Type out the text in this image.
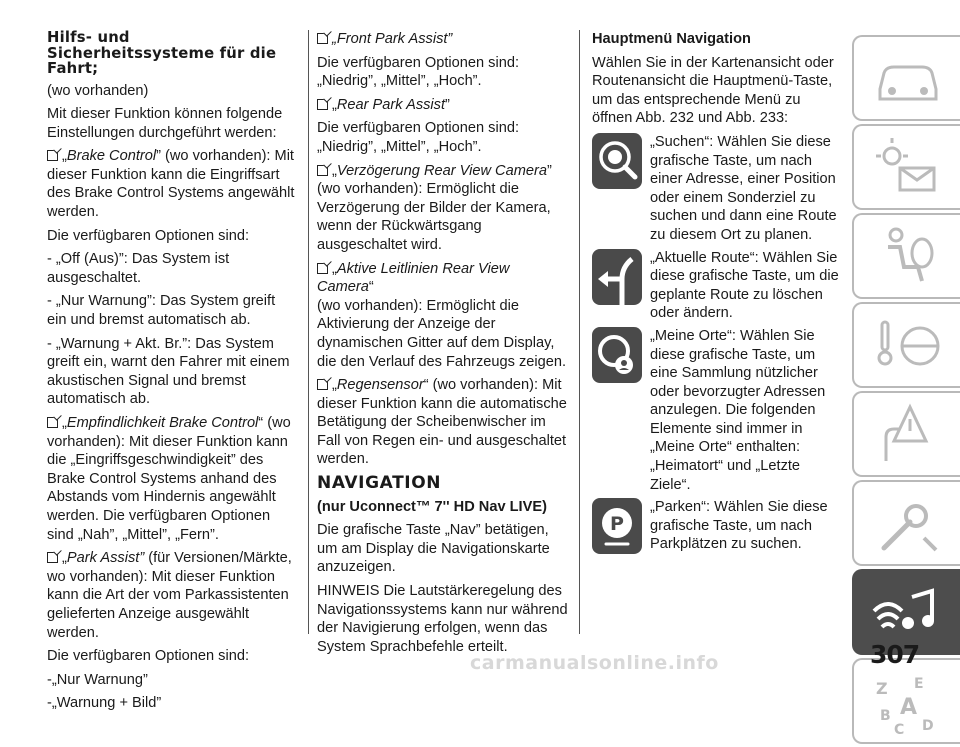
Hilfs- und Sicherheitssysteme für die Fahrt;

(wo vorhanden)

Mit dieser Funktion können folgende Einstellungen durchgeführt werden:

„Brake Control” (wo vorhanden): Mit dieser Funktion kann die Eingriffsart des Brake Control Systems angewählt werden.

Die verfügbaren Optionen sind:

- „Off (Aus)”: Das System ist ausgeschaltet.

- „Nur Warnung”: Das System greift ein und bremst automatisch ab.

- „Warnung + Akt. Br.”: Das System greift ein, warnt den Fahrer mit einem akustischen Signal und bremst automatisch ab.

„Empfindlichkeit Brake Control“ (wo vorhanden): Mit dieser Funktion kann die „Eingriffsgeschwindigkeit” des Brake Control Systems anhand des Abstands vom Hindernis angewählt werden. Die verfügbaren Optionen sind „Nah”, „Mittel”, „Fern”.

„Park Assist” (für Versionen/Märkte, wo vorhanden): Mit dieser Funktion kann die Art der vom Parkassistenten gelieferten Anzeige ausgewählt werden.

Die verfügbaren Optionen sind:

-„Nur Warnung”

-„Warnung + Bild”

„Front Park Assist”

Die verfügbaren Optionen sind: „Niedrig”, „Mittel”, „Hoch”.

„Rear Park Assist”

Die verfügbaren Optionen sind: „Niedrig”, „Mittel”, „Hoch”.

„Verzögerung Rear View Camera”
(wo vorhanden): Ermöglicht die Verzögerung der Bilder der Kamera, wenn der Rückwärtsgang ausgeschaltet wird.

„Aktive Leitlinien Rear View Camera“
(wo vorhanden): Ermöglicht die Aktivierung der Anzeige der dynamischen Gitter auf dem Display, die den Verlauf des Fahrzeugs zeigen.

„Regensensor“ (wo vorhanden): Mit dieser Funktion kann die automatische Betätigung der Scheibenwischer im Fall von Regen ein- und ausgeschaltet werden.

NAVIGATION

(nur Uconnect™ 7'' HD Nav LIVE)

Die grafische Taste „Nav” betätigen, um am Display die Navigationskarte anzuzeigen.

HINWEIS Die Lautstärkeregelung des Navigationssystems kann nur während der Navigierung erfolgen, wenn das System Sprachbefehle erteilt.

Hauptmenü Navigation

Wählen Sie in der Kartenansicht oder Routenansicht die Hauptmenü-Taste, um das entsprechende Menü zu öffnen Abb. 232 und Abb. 233:

„Suchen“: Wählen Sie diese grafische Taste, um nach einer Adresse, einer Position oder einem Sonderziel zu suchen und dann eine Route zu diesem Ort zu planen.
„Aktuelle Route“: Wählen Sie diese grafische Taste, um die geplante Route zu löschen oder ändern.
„Meine Orte“: Wählen Sie diese grafische Taste, um eine Sammlung nützlicher oder bevorzugter Adressen anzulegen. Die folgenden Elemente sind immer in „Meine Orte“ enthalten: „Heimatort“ und „Letzte Ziele“.
P
„Parken“: Wählen Sie diese grafische Taste, um nach Parkplätzen zu suchen.
Z E
B A
C D
307
carmanualsonline.info
